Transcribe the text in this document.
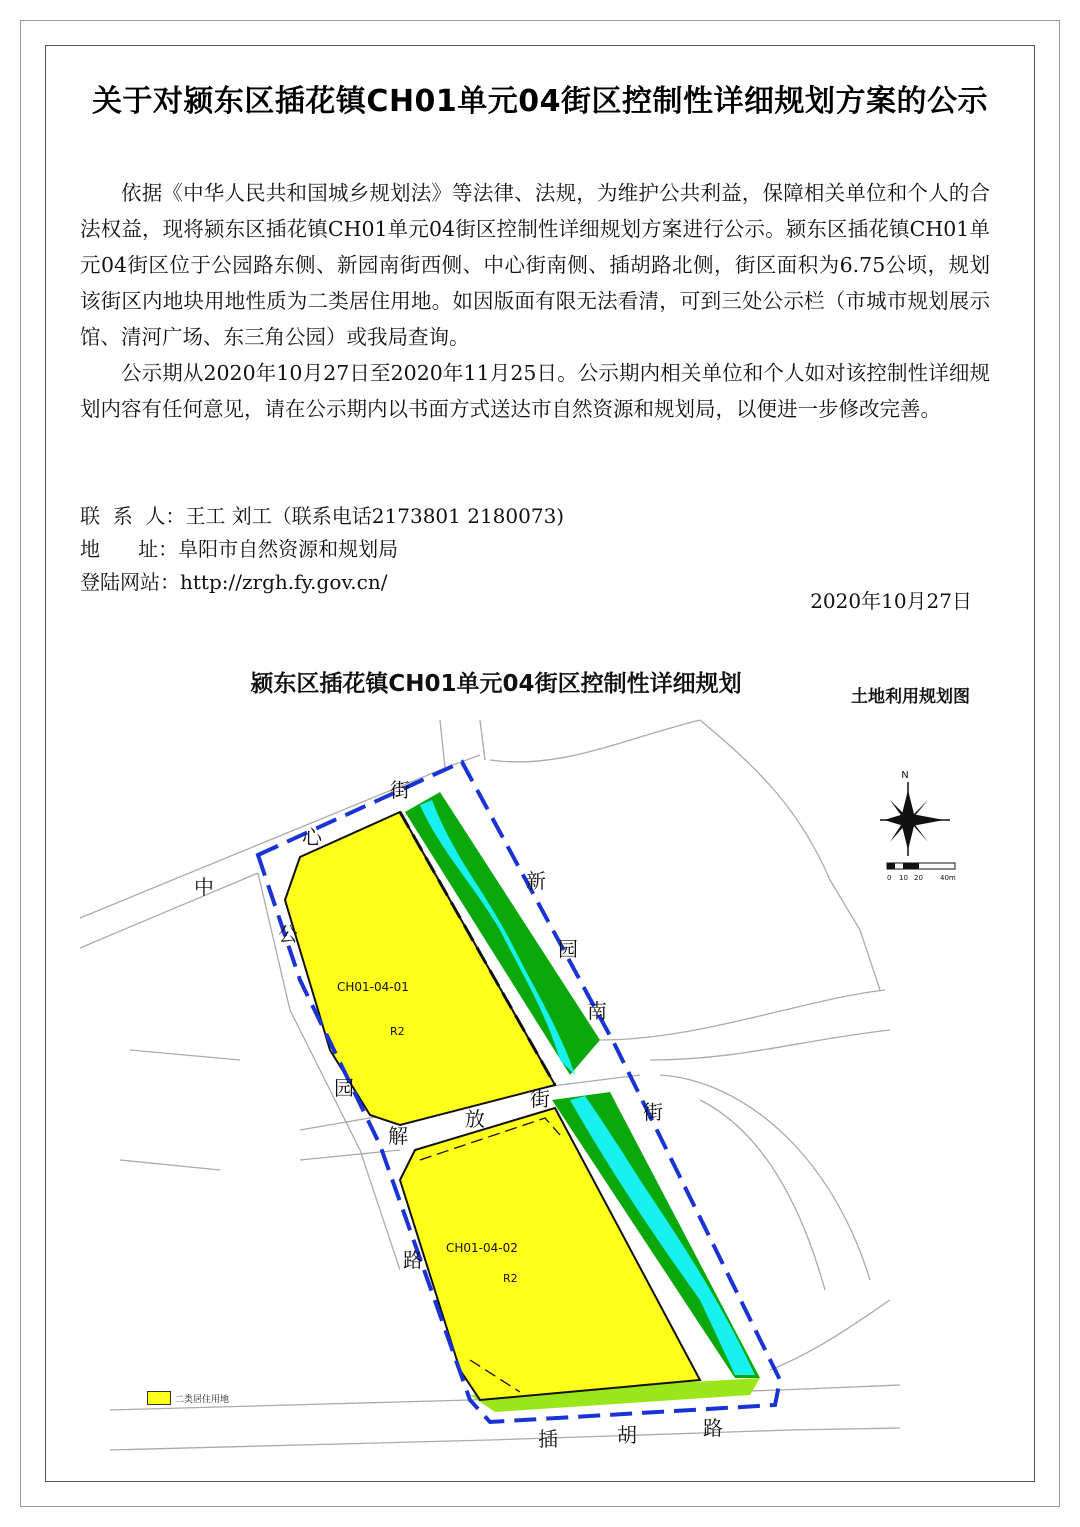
关于对颍东区插花镇CH01单元04街区控制性详细规划方案的公示

依据《中华人民共和国城乡规划法》等法律、法规，为维护公共利益，保障相关单位和个人的合法权益，现将颍东区插花镇CH01单元04街区控制性详细规划方案进行公示。颍东区插花镇CH01单元04街区位于公园路东侧、新园南街西侧、中心街南侧、插胡路北侧，街区面积为6.75公顷，规划该街区内地块用地性质为二类居住用地。如因版面有限无法看清，可到三处公示栏（市城市规划展示馆、清河广场、东三角公园）或我局查询。

公示期从2020年10月27日至2020年11月25日。公示期内相关单位和个人如对该控制性详细规划内容有任何意见，请在公示期内以书面方式送达市自然资源和规划局，以便进一步修改完善。

联  系  人：王工 刘工（联系电话2173801 2180073)
地      址：阜阳市自然资源和规划局
登陆网站：http://zrgh.fy.gov.cn/
2020年10月27日
颍东区插花镇CH01单元04街区控制性详细规划	土地利用规划图
CH01-04-01
R2
CH01-04-02
R2
中
心
街
公
园
路
新
园
南
街
解
放
街
插	胡	路
N
0 10 20 40m
二类居住用地
